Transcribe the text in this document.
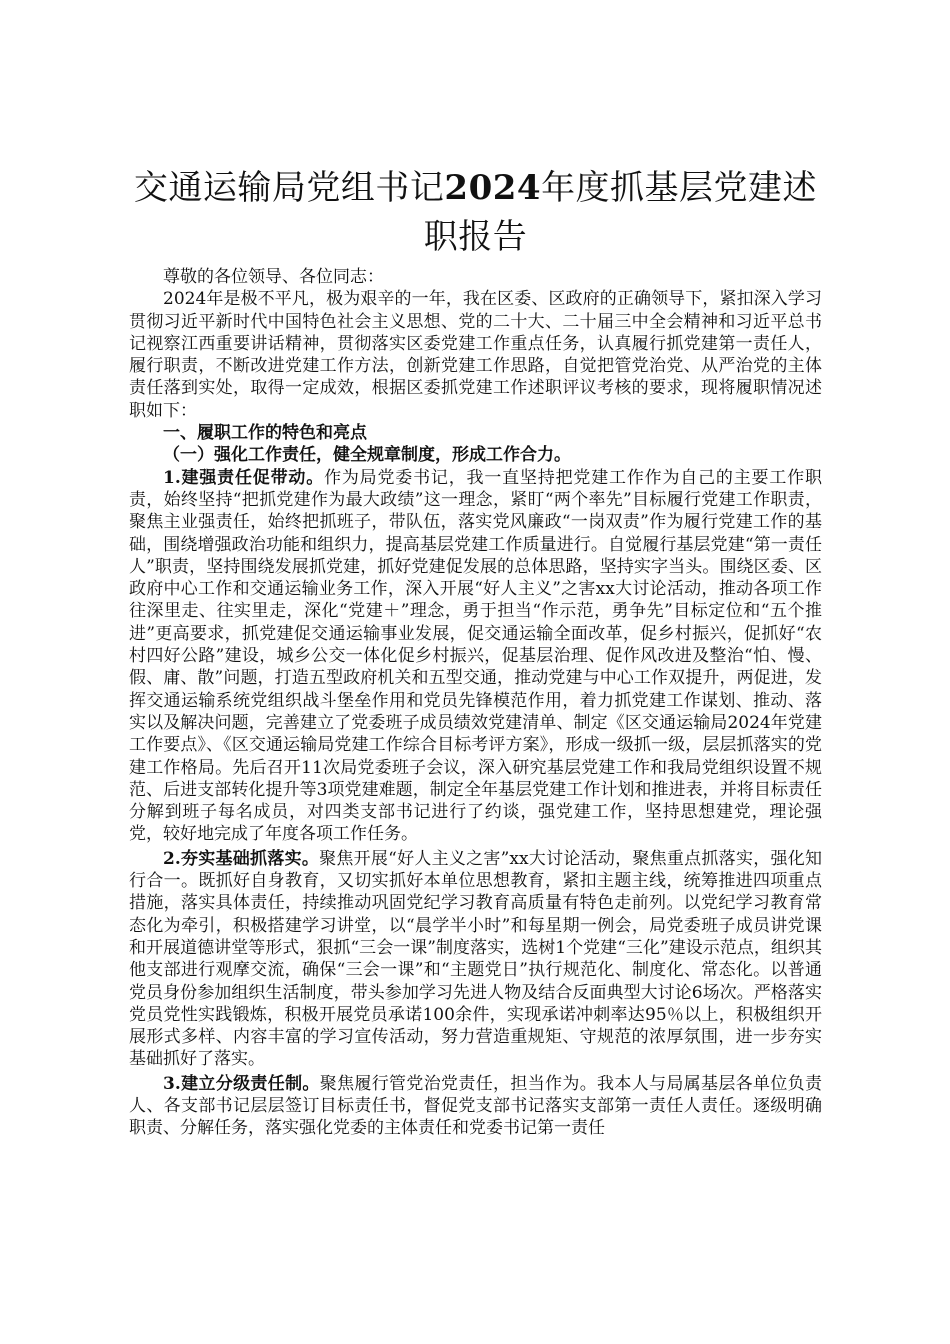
交通运输局党组书记2024年度抓基层党建述职报告

尊敬的各位领导、各位同志：

2024年是极不平凡，极为艰辛的一年，我在区委、区政府的正确领导下，紧扣深入学习贯彻习近平新时代中国特色社会主义思想、党的二十大、二十届三中全会精神和习近平总书记视察江西重要讲话精神，贯彻落实区委党建工作重点任务，认真履行抓党建第一责任人，履行职责，不断改进党建工作方法，创新党建工作思路，自觉把管党治党、从严治党的主体责任落到实处，取得一定成效，根据区委抓党建工作述职评议考核的要求，现将履职情况述职如下：

一、履职工作的特色和亮点

（一）强化工作责任，健全规章制度，形成工作合力。

1.建强责任促带动。作为局党委书记，我一直坚持把党建工作作为自己的主要工作职责，始终坚持“把抓党建作为最大政绩”这一理念，紧盯“两个率先”目标履行党建工作职责，聚焦主业强责任，始终把抓班子，带队伍，落实党风廉政“一岗双责”作为履行党建工作的基础，围绕增强政治功能和组织力，提高基层党建工作质量进行。自觉履行基层党建“第一责任人”职责，坚持围绕发展抓党建，抓好党建促发展的总体思路，坚持实字当头。围绕区委、区政府中心工作和交通运输业务工作，深入开展“好人主义”之害xx大讨论活动，推动各项工作往深里走、往实里走，深化“党建＋”理念，勇于担当“作示范，勇争先”目标定位和“五个推进”更高要求，抓党建促交通运输事业发展，促交通运输全面改革，促乡村振兴，促抓好“农村四好公路”建设，城乡公交一体化促乡村振兴，促基层治理、促作风改进及整治“怕、慢、假、庸、散”问题，打造五型政府机关和五型交通，推动党建与中心工作双提升，两促进，发挥交通运输系统党组织战斗堡垒作用和党员先锋模范作用，着力抓党建工作谋划、推动、落实以及解决问题，完善建立了党委班子成员绩效党建清单、制定《区交通运输局2024年党建工作要点》、《区交通运输局党建工作综合目标考评方案》，形成一级抓一级，层层抓落实的党建工作格局。先后召开11次局党委班子会议，深入研究基层党建工作和我局党组织设置不规范、后进支部转化提升等3项党建难题，制定全年基层党建工作计划和推进表，并将目标责任分解到班子每名成员，对四类支部书记进行了约谈，强党建工作，坚持思想建党，理论强党，较好地完成了年度各项工作任务。

2.夯实基础抓落实。聚焦开展“好人主义之害”xx大讨论活动，聚焦重点抓落实，强化知行合一。既抓好自身教育，又切实抓好本单位思想教育，紧扣主题主线，统筹推进四项重点措施，落实具体责任，持续推动巩固党纪学习教育高质量有特色走前列。以党纪学习教育常态化为牵引，积极搭建学习讲堂，以“晨学半小时”和每星期一例会，局党委班子成员讲党课和开展道德讲堂等形式，狠抓“三会一课”制度落实，选树1个党建“三化”建设示范点，组织其他支部进行观摩交流，确保“三会一课”和“主题党日”执行规范化、制度化、常态化。以普通党员身份参加组织生活制度，带头参加学习先进人物及结合反面典型大讨论6场次。严格落实党员党性实践锻炼，积极开展党员承诺100余件，实现承诺冲刺率达95％以上，积极组织开展形式多样、内容丰富的学习宣传活动，努力营造重规矩、守规范的浓厚氛围，进一步夯实基础抓好了落实。

3.建立分级责任制。聚焦履行管党治党责任，担当作为。我本人与局属基层各单位负责人、各支部书记层层签订目标责任书，督促党支部书记落实支部第一责任人责任。逐级明确职责、分解任务，落实强化党委的主体责任和党委书记第一责任
